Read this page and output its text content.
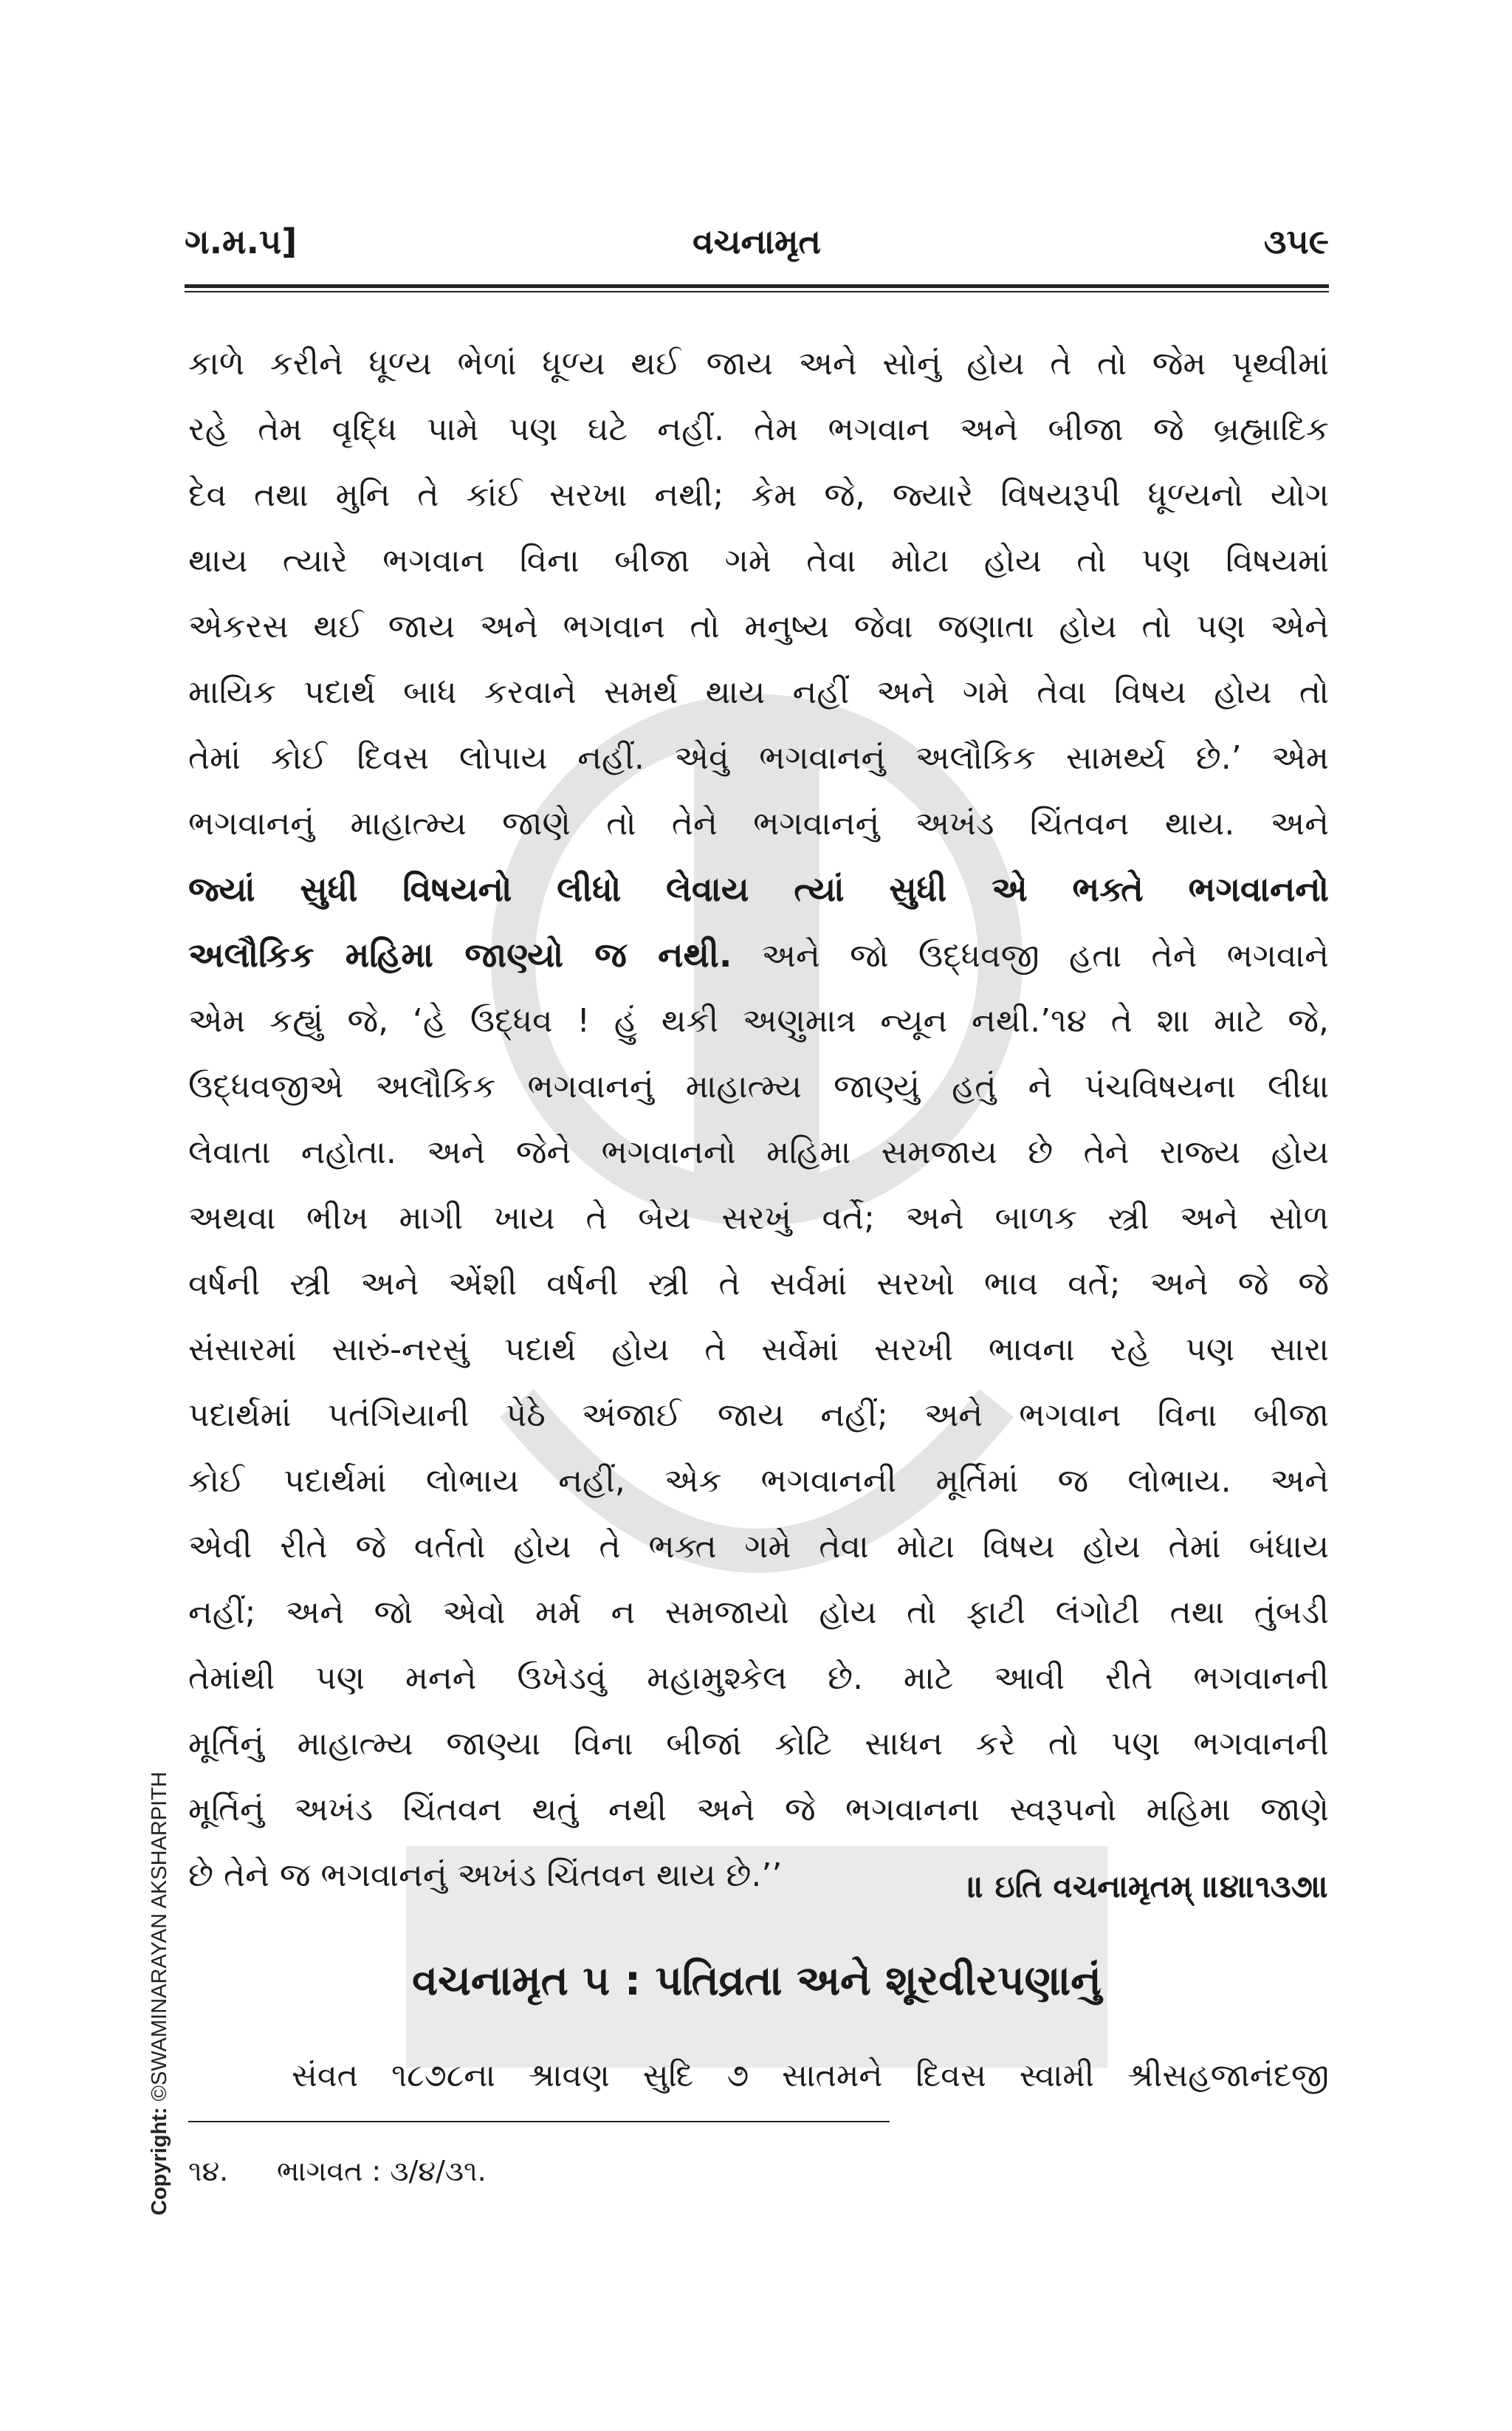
ગ.મ.૫]	વચનામૃત	૩૫૯
કાળે કરીને ધૂળ્ય ભેળાં ધૂળ્ય થઈ જાય અને સોનું હોય તે તો જેમ પૃથ્વીમાં
રહે તેમ વૃદ્ધિ પામે પણ ઘટે નહીં. તેમ ભગવાન અને બીજા જે બ્રહ્માદિક
દેવ તથા મુનિ તે કાંઈ સરખા નથી; કેમ જે, જ્યારે વિષયરૂપી ધૂળ્યનો યોગ
થાય ત્યારે ભગવાન વિના બીજા ગમે તેવા મોટા હોય તો પણ વિષયમાં
એકરસ થઈ જાય અને ભગવાન તો મનુષ્ય જેવા જણાતા હોય તો પણ એને
માયિક પદાર્થ બાધ કરવાને સમર્થ થાય નહીં અને ગમે તેવા વિષય હોય તો
તેમાં કોઈ દિવસ લોપાય નહીં. એવું ભગવાનનું અલૌકિક સામર્થ્ય છે.’ એમ
ભગવાનનું માહાત્મ્ય જાણે તો તેને ભગવાનનું અખંડ ચિંતવન થાય. અને
જ્યાં સુધી વિષયનો લીધો લેવાય ત્યાં સુધી એ ભક્તે ભગવાનનો
અલૌકિક મહિમા જાણ્યો જ નથી. અને જો ઉદ્ધવજી હતા તેને ભગવાને
એમ કહ્યું જે, ‘હે ઉદ્ધવ ! હું થકી અણુમાત્ર ન્યૂન નથી.’૧૪ તે શા માટે જે,
ઉદ્ધવજીએ અલૌકિક ભગવાનનું માહાત્મ્ય જાણ્યું હતું ને પંચવિષયના લીધા
લેવાતા નહોતા. અને જેને ભગવાનનો મહિમા સમજાય છે તેને રાજ્ય હોય
અથવા ભીખ માગી ખાય તે બેય સરખું વર્તે; અને બાળક સ્ત્રી અને સોળ
વર્ષની સ્ત્રી અને એંશી વર્ષની સ્ત્રી તે સર્વમાં સરખો ભાવ વર્તે; અને જે જે
સંસારમાં સારું-નરસું પદાર્થ હોય તે સર્વેમાં સરખી ભાવના રહે પણ સારા
પદાર્થમાં પતંગિયાની પેઠે અંજાઈ જાય નહીં; અને ભગવાન વિના બીજા
કોઈ પદાર્થમાં લોભાય નહીં, એક ભગવાનની મૂર્તિમાં જ લોભાય. અને
એવી રીતે જે વર્તતો હોય તે ભક્ત ગમે તેવા મોટા વિષય હોય તેમાં બંધાય
નહીં; અને જો એવો મર્મ ન સમજાયો હોય તો ફાટી લંગોટી તથા તુંબડી
તેમાંથી પણ મનને ઉખેડવું મહામુશ્કેલ છે. માટે આવી રીતે ભગવાનની
મૂર્તિનું માહાત્મ્ય જાણ્યા વિના બીજાં કોટિ સાધન કરે તો પણ ભગવાનની
મૂર્તિનું અખંડ ચિંતવન થતું નથી અને જે ભગવાનના સ્વરૂપનો મહિમા જાણે
છે તેને જ ભગવાનનું અખંડ ચિંતવન થાય છે.’’	॥ ઇતિ વચનામૃતમ્ ॥૪॥૧૩૭॥
વચનામૃત ૫ : પતિવ્રતા અને શૂરવીરપણાનું
સંવત ૧૮૭૮ના શ્રાવણ સુદિ ૭ સાતમને દિવસ સ્વામી શ્રીસહજાનંદજી
૧૪. ભાગવત : ૩/૪/૩૧.
Copyright: ©SWAMINARAYAN AKSHARPITH
